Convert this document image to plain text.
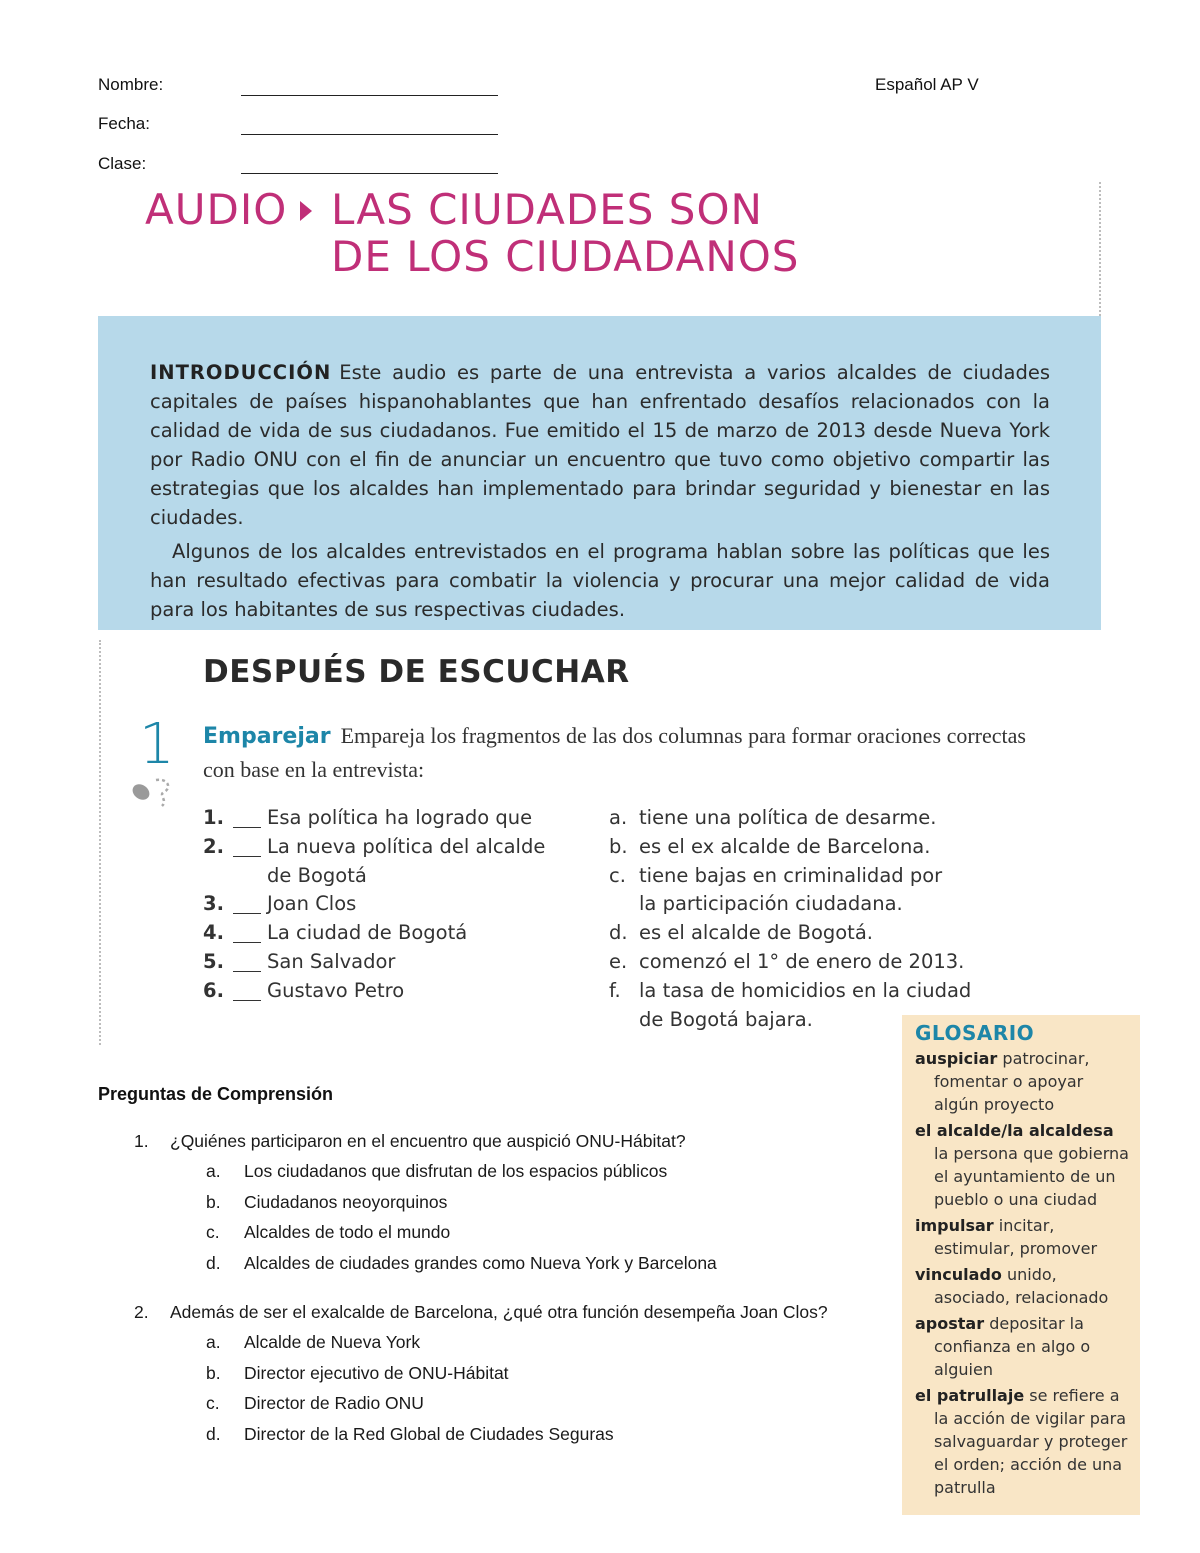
Nombre:	Español AP V
Fecha:
Clase:
AUDIO LAS CIUDADES SON
DE LOS CIUDADANOS

INTRODUCCIÓN Este audio es parte de una entrevista a varios alcaldes de ciudades capitales de países hispanohablantes que han enfrentado desafíos relacionados con la calidad de vida de sus ciudadanos. Fue emitido el 15 de marzo de 2013 desde Nueva York por Radio ONU con el fin de anunciar un encuentro que tuvo como objetivo compartir las estrategias que los alcaldes han implementado para brindar seguridad y bienestar en las ciudades.

Algunos de los alcaldes entrevistados en el programa hablan sobre las políticas que les han resultado efectivas para combatir la violencia y procurar una mejor calidad de vida para los habitantes de sus respectivas ciudades.

DESPUÉS DE ESCUCHAR
1 Emparejar Empareja los fragmentos de las dos columnas para formar oraciones correctas con base en la entrevista:
1.	Esa política ha logrado que
2.	La nueva política del alcalde
de Bogotá
3.	Joan Clos
4.	La ciudad de Bogotá
5.	San Salvador
6.	Gustavo Petro
a. tiene una política de desarme.
b. es el ex alcalde de Barcelona.
c. tiene bajas en criminalidad por
la participación ciudadana.
d. es el alcalde de Bogotá.
e. comenzó el 1° de enero de 2013.
f. la tasa de homicidios en la ciudad
de Bogotá bajara.
GLOSARIO
auspiciar patrocinar, fomentar o apoyar algún proyecto
el alcalde/la alcaldesa la persona que gobierna el ayuntamiento de un pueblo o una ciudad
impulsar incitar, estimular, promover
vinculado unido, asociado, relacionado
apostar depositar la confianza en algo o alguien
el patrullaje se refiere a la acción de vigilar para salvaguardar y proteger el orden; acción de una patrulla
Preguntas de Comprensión
1. ¿Quiénes participaron en el encuentro que auspició ONU-Hábitat?
a. Los ciudadanos que disfrutan de los espacios públicos
b. Ciudadanos neoyorquinos
c. Alcaldes de todo el mundo
d. Alcaldes de ciudades grandes como Nueva York y Barcelona
2. Además de ser el exalcalde de Barcelona, ¿qué otra función desempeña Joan Clos?
a. Alcalde de Nueva York
b. Director ejecutivo de ONU-Hábitat
c. Director de Radio ONU
d. Director de la Red Global de Ciudades Seguras
